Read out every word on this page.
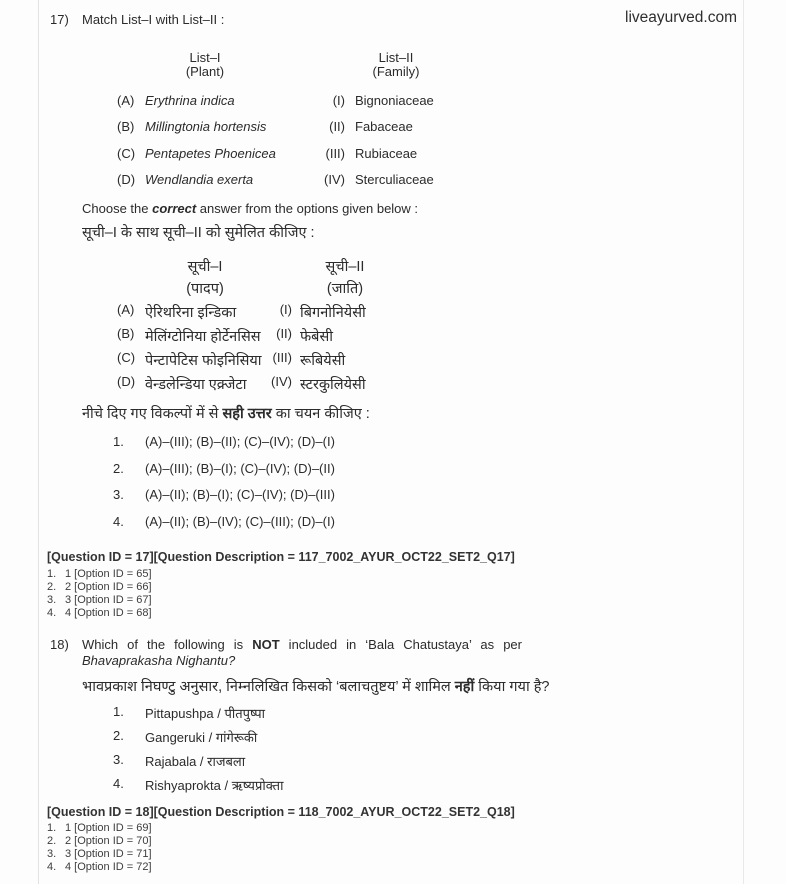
17) Match List–I with List–II :	liveayurved.com
List–I
(Plant)
List–II
(Family)
(A) Erythrina indica	(I) Bignoniaceae
(B) Millingtonia hortensis	(II) Fabaceae
(C) Pentapetes Phoenicea	(III) Rubiaceae
(D) Wendlandia exerta	(IV) Sterculiaceae
Choose the correct answer from the options given below :
सूची–I के साथ सूची–II को सुमेलित कीजिए :
सूची–I
(पादप)
सूची–II
(जाति)
(A) ऐरिथरिना इन्डिका	(I) बिगनोनियेसी
(B) मेलिंग्टोनिया होर्टेनसिस	(II) फेबेसी
(C) पेन्टापेटिस फोइनिसिया (III) रूबियेसी
(D) वेन्डलेन्डिया एक्र्जेटा	(IV) स्टरकुलियेसी
नीचे दिए गए विकल्पों में से सही उत्तर का चयन कीजिए :
1. (A)–(III); (B)–(II); (C)–(IV); (D)–(I)
2. (A)–(III); (B)–(I); (C)–(IV); (D)–(II)
3. (A)–(II); (B)–(I); (C)–(IV); (D)–(III)
4. (A)–(II); (B)–(IV); (C)–(III); (D)–(I)
[Question ID = 17][Question Description = 117_7002_AYUR_OCT22_SET2_Q17]
1. 1 [Option ID = 65]
2. 2 [Option ID = 66]
3. 3 [Option ID = 67]
4. 4 [Option ID = 68]
18) Which of the following is NOT included in ‘Bala Chatustaya’ as per
Bhavaprakasha Nighantu?
भावप्रकाश निघण्टु अनुसार, निम्नलिखित किसको ‘बलाचतुष्टय’ में शामिल नहीं किया गया है?
1. Pittapushpa / पीतपुष्पा
2. Gangeruki / गांगेरूकी
3. Rajabala / राजबला
4. Rishyaprokta / ऋष्यप्रोक्ता
[Question ID = 18][Question Description = 118_7002_AYUR_OCT22_SET2_Q18]
1. 1 [Option ID = 69]
2. 2 [Option ID = 70]
3. 3 [Option ID = 71]
4. 4 [Option ID = 72]
